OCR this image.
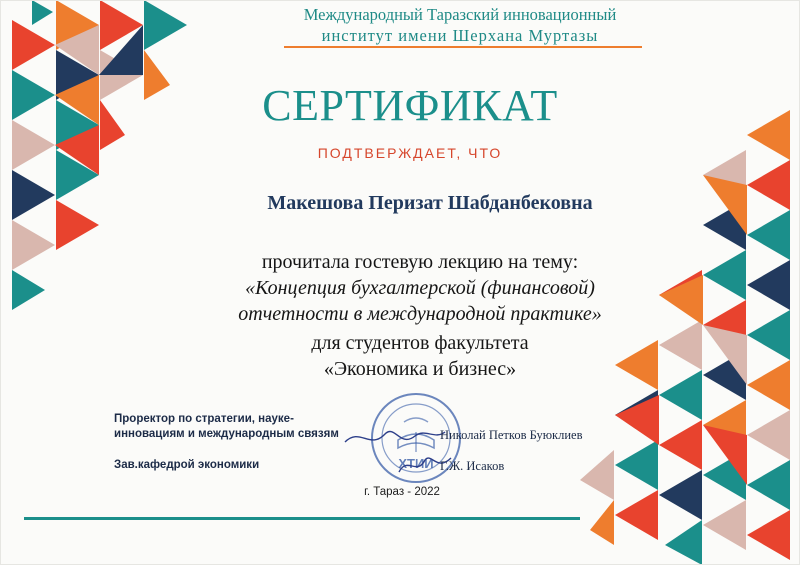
Международный Таразский инновационный
институт имени Шерхана Муртазы
СЕРТИФИКАТ
ПОДТВЕРЖДАЕТ, ЧТО
Макешова Перизат Шабданбековна
прочитала гостевую лекцию на тему:
«Концепция бухгалтерской (финансовой)
отчетности в международной практике»
для студентов факультета
«Экономика и бизнес»
ХТИИ
Проректор по стратегии, науке-инновациям и международным связям	Николай Петков Буюклиев
Зав.кафедрой экономики	Г.Ж. Исаков
г. Тараз - 2022
